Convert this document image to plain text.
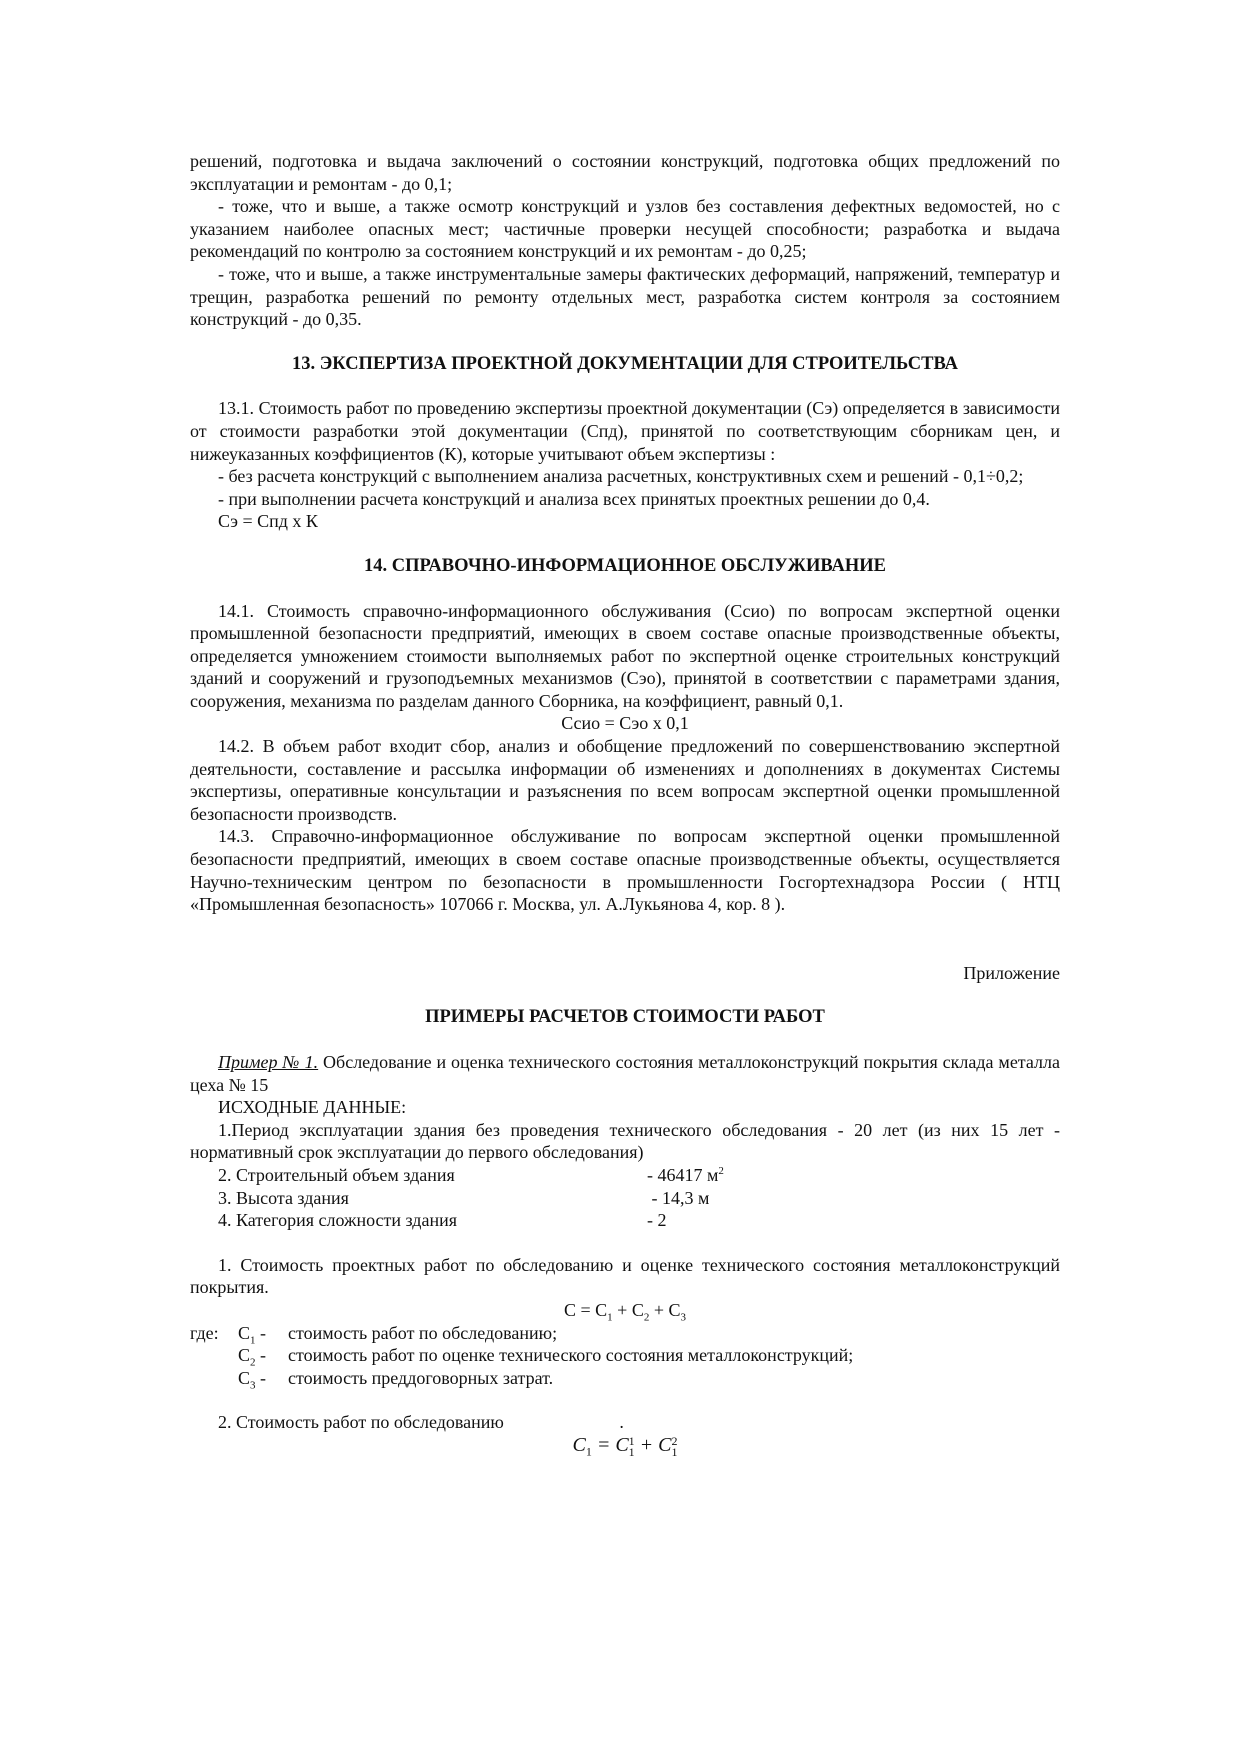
решений, подготовка и выдача заключений о состоянии конструкций, подготовка общих предложений по эксплуатации и ремонтам - до 0,1;

- тоже, что и выше, а также осмотр конструкций и узлов без составления дефектных ведомостей, но с указанием наиболее опасных мест; частичные проверки несущей способности; разработка и выдача рекомендаций по контролю за состоянием конструкций и их ремонтам - до 0,25;

- тоже, что и выше, а также инструментальные замеры фактических деформаций, напряжений, температур и трещин, разработка решений по ремонту отдельных мест, разработка систем контроля за состоянием конструкций - до 0,35.

13. ЭКСПЕРТИЗА ПРОЕКТНОЙ ДОКУМЕНТАЦИИ ДЛЯ СТРОИТЕЛЬСТВА

13.1. Стоимость работ по проведению экспертизы проектной документации (Сэ) определяется в зависимости от стоимости разработки этой документации (Спд), принятой по соответствующим сборникам цен, и нижеуказанных коэффициентов (К), которые учитывают объем экспертизы :

- без расчета конструкций с выполнением анализа расчетных, конструктивных схем и решений - 0,1÷0,2;

- при выполнении расчета конструкций и анализа всех принятых проектных решении до 0,4.

Сэ = Спд х К

14. СПРАВОЧНО-ИНФОРМАЦИОННОЕ ОБСЛУЖИВАНИЕ

14.1. Стоимость справочно-информационного обслуживания (Ссио) по вопросам экспертной оценки промышленной безопасности предприятий, имеющих в своем составе опасные производственные объекты, определяется умножением стоимости выполняемых работ по экспертной оценке строительных конструкций зданий и сооружений и грузоподъемных механизмов (Сэо), принятой в соответствии с параметрами здания, сооружения, механизма по разделам данного Сборника, на коэффициент, равный 0,1.

Ссио = Сэо х 0,1

14.2. В объем работ входит сбор, анализ и обобщение предложений по совершенствованию экспертной деятельности, составление и рассылка информации об изменениях и дополнениях в документах Системы экспертизы, оперативные консультации и разъяснения по всем вопросам экспертной оценки промышленной безопасности производств.

14.3. Справочно-информационное обслуживание по вопросам экспертной оценки промышленной безопасности предприятий, имеющих в своем составе опасные производственные объекты, осуществляется Научно-техническим центром по безопасности в промышленности Госгортехнадзора России ( НТЦ «Промышленная безопасность» 107066 г. Москва, ул. А.Лукьянова 4, кор. 8 ).

Приложение

ПРИМЕРЫ РАСЧЕТОВ СТОИМОСТИ РАБОТ

Пример № 1. Обследование и оценка технического состояния металлоконструкций покрытия склада металла цеха № 15

ИСХОДНЫЕ ДАННЫЕ:

1.Период эксплуатации здания без проведения технического обследования - 20 лет (из них 15 лет - нормативный срок эксплуатации до первого обследования)

2. Строительный объем здания	- 46417 $м^2$
3. Высота здания	- 14,3 м
4. Категория сложности здания	- 2

1. Стоимость проектных работ по обследованию и оценке технического состояния металлоконструкций покрытия.

$С = С_1 + С_2 + С_3$

где:	$С_1$ -	стоимость работ по обследованию;
$С_2$ -	стоимость работ по оценке технического состояния металлоконструкций;
$С_3$ -	стоимость преддоговорных затрат.

2. Стоимость работ по обследованию	.

$C_1 = C$ 1
1 + C 2
1
